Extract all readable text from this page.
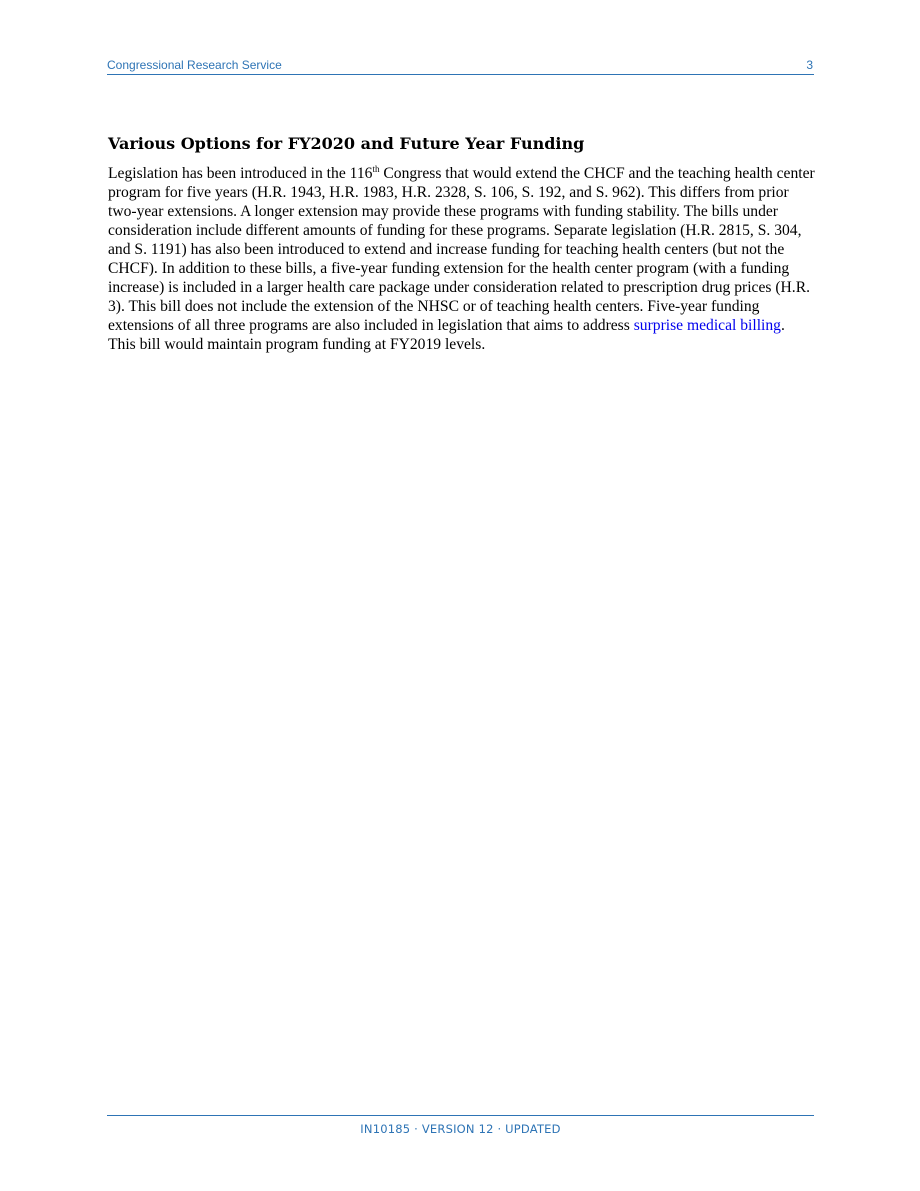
Congressional Research Service	3
Various Options for FY2020 and Future Year Funding

Legislation has been introduced in the 116th Congress that would extend the CHCF and the teaching health center program for five years (H.R. 1943, H.R. 1983, H.R. 2328, S. 106, S. 192, and S. 962). This differs from prior two-year extensions. A longer extension may provide these programs with funding stability. The bills under consideration include different amounts of funding for these programs. Separate legislation (H.R. 2815, S. 304, and S. 1191) has also been introduced to extend and increase funding for teaching health centers (but not the CHCF). In addition to these bills, a five-year funding extension for the health center program (with a funding increase) is included in a larger health care package under consideration related to prescription drug prices (H.R. 3). This bill does not include the extension of the NHSC or of teaching health centers. Five-year funding extensions of all three programs are also included in legislation that aims to address surprise medical billing. This bill would maintain program funding at FY2019 levels.

IN10185 · VERSION 12 · UPDATED
